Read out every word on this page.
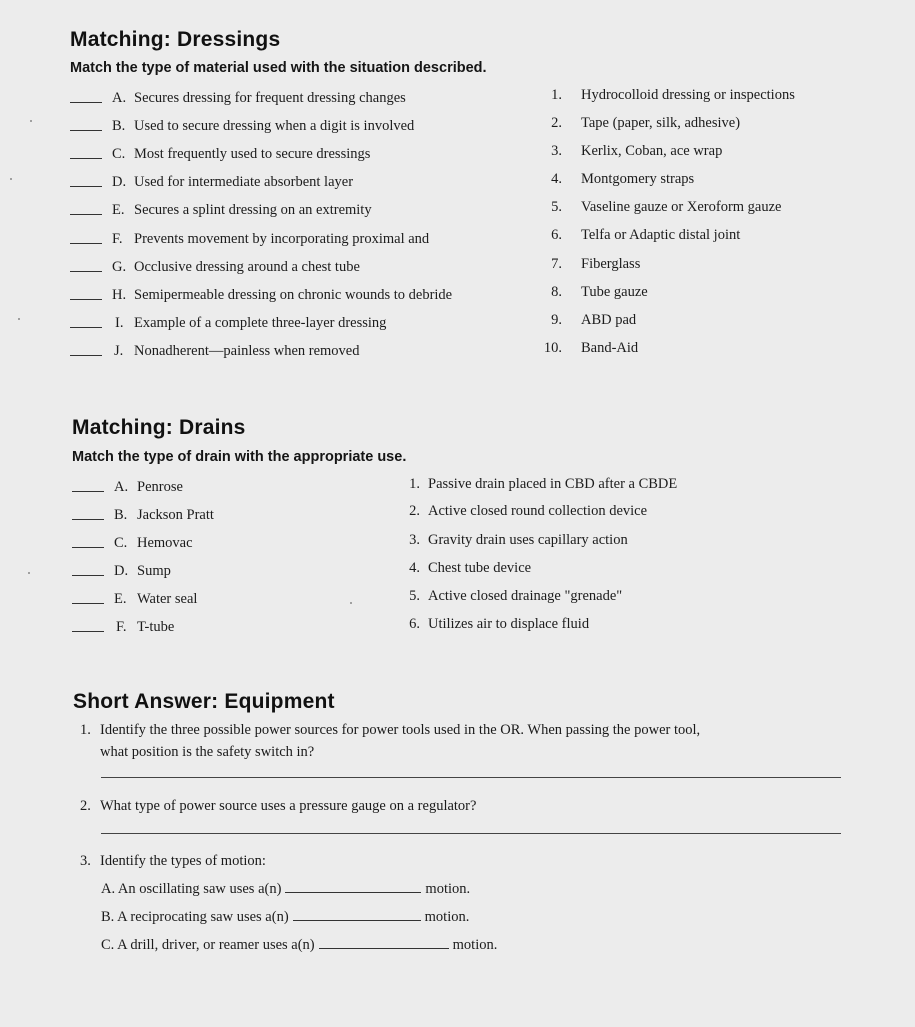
Matching: Dressings
Match the type of material used with the situation described.
A. Secures dressing for frequent dressing changes
B. Used to secure dressing when a digit is involved
C. Most frequently used to secure dressings
D. Used for intermediate absorbent layer
E. Secures a splint dressing on an extremity
F. Prevents movement by incorporating proximal and
G. Occlusive dressing around a chest tube
H. Semipermeable dressing on chronic wounds to debride
I. Example of a complete three-layer dressing
J. Nonadherent—painless when removed
1. Hydrocolloid dressing or inspections
2. Tape (paper, silk, adhesive)
3. Kerlix, Coban, ace wrap
4. Montgomery straps
5. Vaseline gauze or Xeroform gauze
6. Telfa or Adaptic distal joint
7. Fiberglass
8. Tube gauze
9. ABD pad
10. Band-Aid
Matching: Drains
Match the type of drain with the appropriate use.
A. Penrose
B. Jackson Pratt
C. Hemovac
D. Sump
E. Water seal
F. T-tube
1. Passive drain placed in CBD after a CBDE
2. Active closed round collection device
3. Gravity drain uses capillary action
4. Chest tube device
5. Active closed drainage "grenade"
6. Utilizes air to displace fluid
Short Answer: Equipment
1. Identify the three possible power sources for power tools used in the OR. When passing the power tool,
what position is the safety switch in?
2. What type of power source uses a pressure gauge on a regulator?
3. Identify the types of motion:
A. An oscillating saw uses a(n)	motion.
B. A reciprocating saw uses a(n)	motion.
C. A drill, driver, or reamer uses a(n)	motion.
